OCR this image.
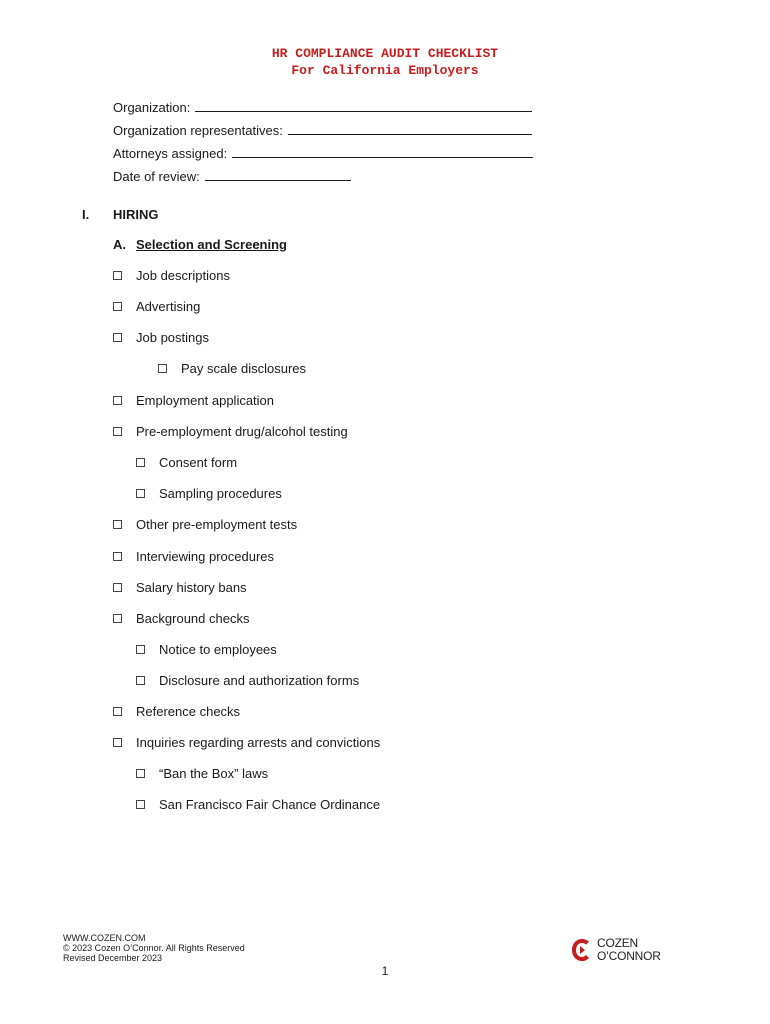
HR COMPLIANCE AUDIT CHECKLIST
For California Employers
Organization:
Organization representatives:
Attorneys assigned:
Date of review:
I. HIRING
A. Selection and Screening
Job descriptions
Advertising
Job postings
Pay scale disclosures
Employment application
Pre-employment drug/alcohol testing
Consent form
Sampling procedures
Other pre-employment tests
Interviewing procedures
Salary history bans
Background checks
Notice to employees
Disclosure and authorization forms
Reference checks
Inquiries regarding arrests and convictions
“Ban the Box” laws
San Francisco Fair Chance Ordinance
WWW.COZEN.COM
© 2023 Cozen O’Connor. All Rights Reserved
Revised December 2023
1
COZEN
O’CONNOR
